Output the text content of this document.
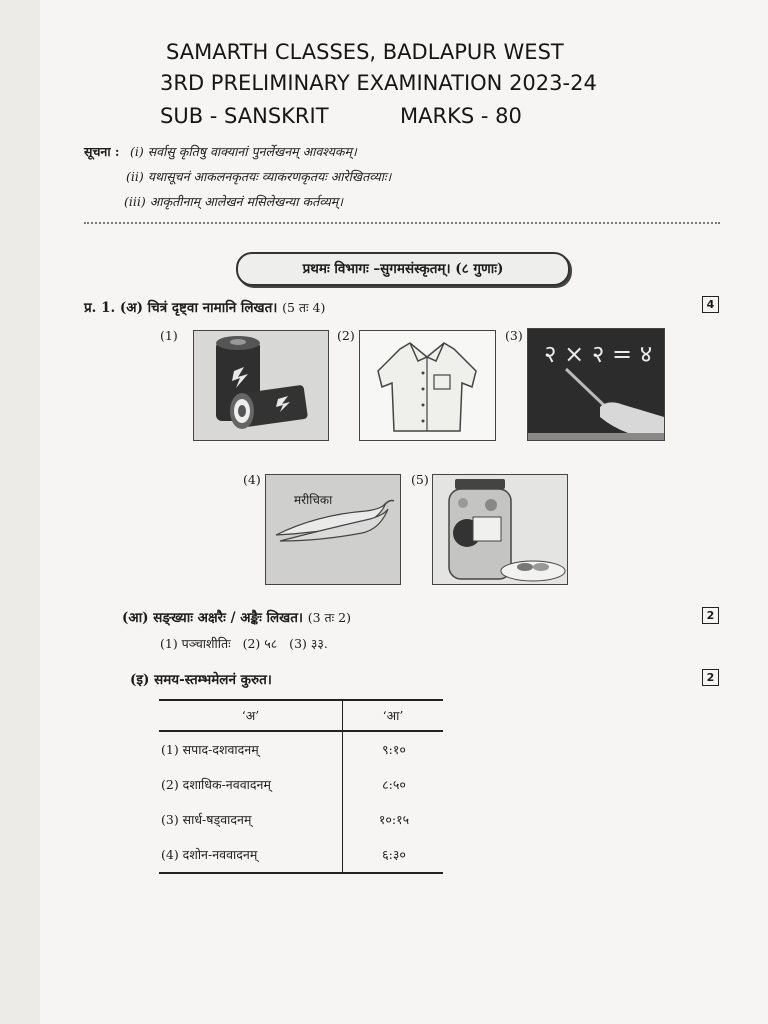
SAMARTH CLASSES, BADLAPUR WEST
3RD PRELIMINARY EXAMINATION 2023-24
SUB - SANSKRIT	MARKS - 80
सूचना : (i) सर्वासु कृतिषु वाक्यानां पुनर्लेखनम् आवश्यकम्।
(ii) यथासूचनं आकलनकृतयः व्याकरणकृतयः आरेखितव्याः।
(iii) आकृतीनाम् आलेखनं मसिलेखन्या कर्तव्यम्।
प्रथमः विभागः –सुगमसंस्कृतम्। (८ गुणाः)
प्र. 1. (अ) चित्रं दृष्ट्वा नामानि लिखत। (5 तः 4)	4
(1)	(2)	(3)
२ × २ = ४
(4)
मरीचिका
(5)
(आ) सङ्ख्याः अक्षरैः / अङ्कैः लिखत। (3 तः 2)	2
(1) पञ्चाशीतिः   (2) ५८   (3) ३३.
(इ) समय-स्तम्भमेलनं कुरुत।	2
‘अ’	‘आ’
(1) सपाद-दशवादनम्	९:१०
(2) दशाधिक-नववादनम्	८:५०
(3) सार्ध-षड्वादनम्	१०:१५
(4) दशोन-नववादनम्	६:३०
